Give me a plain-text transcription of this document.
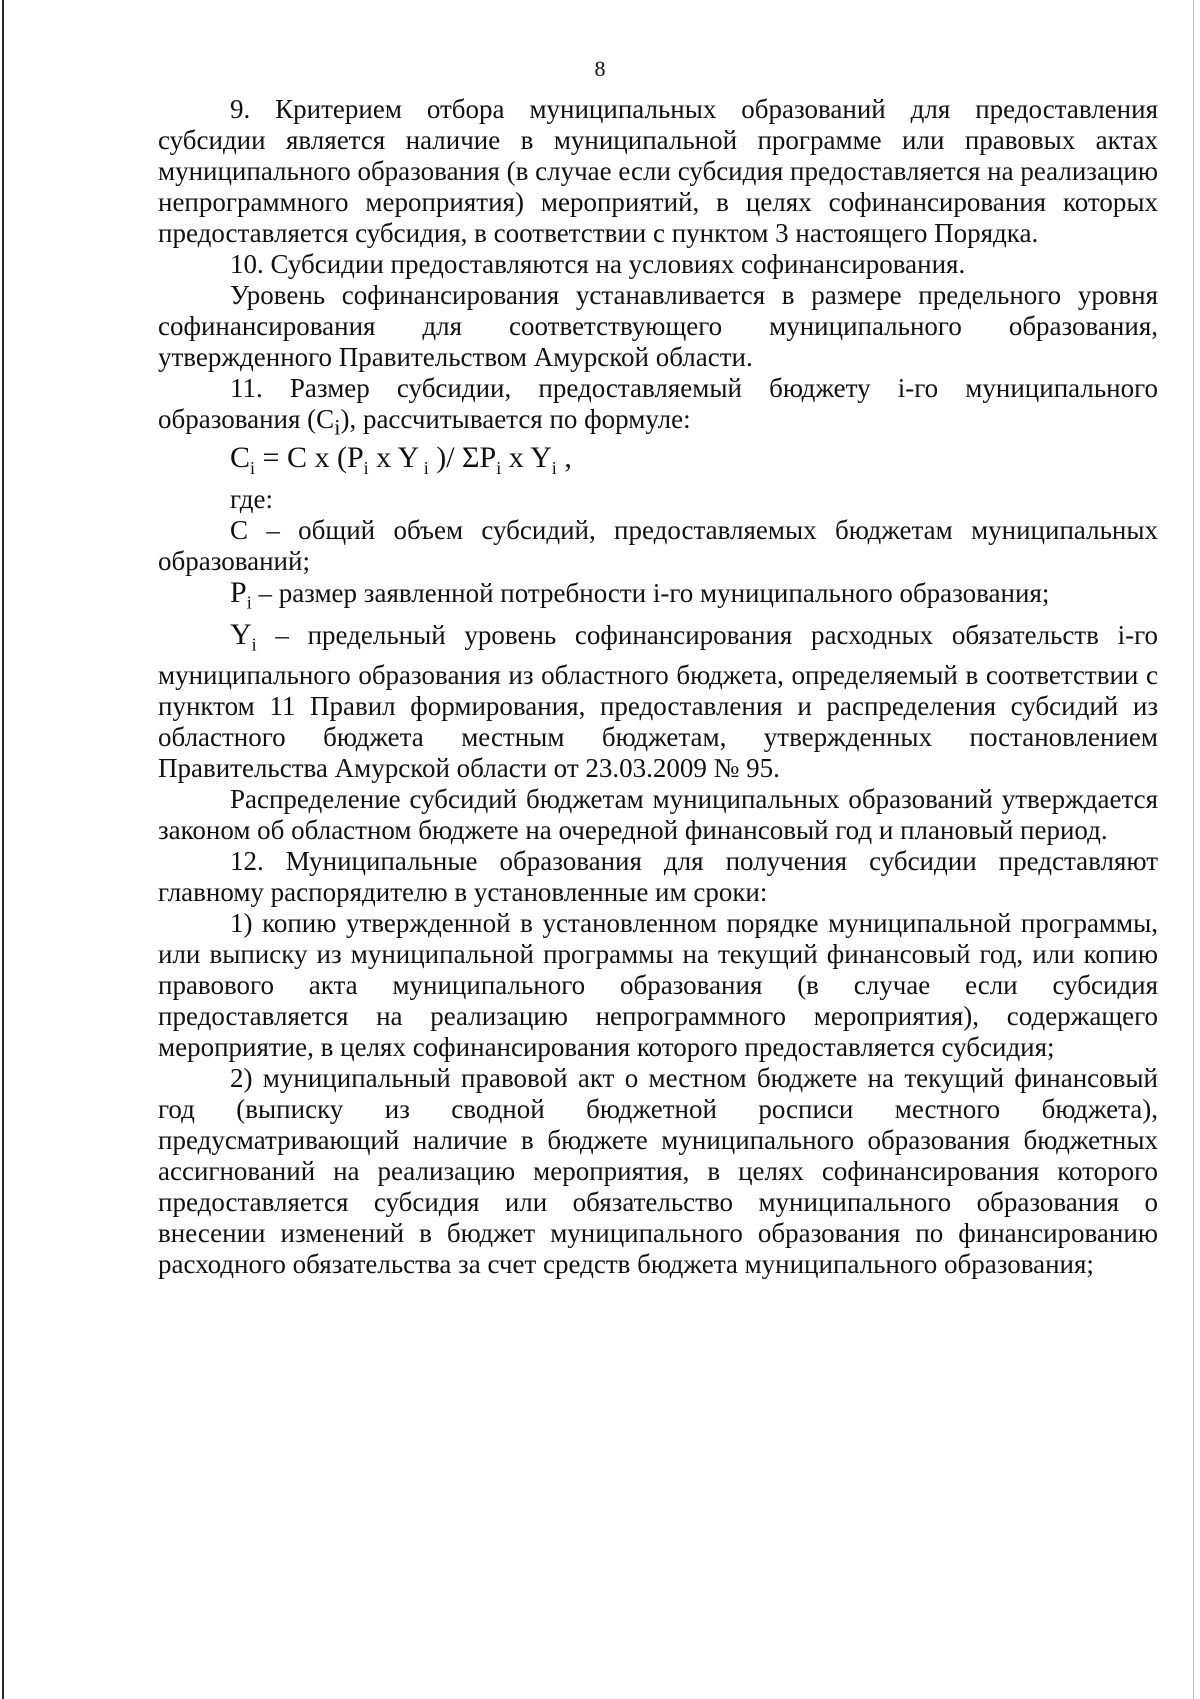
8

9. Критерием отбора муниципальных образований для предоставления субсидии является наличие в муниципальной программе или правовых актах муниципального образования (в случае если субсидия предоставляется на реализацию непрограммного мероприятия) мероприятий, в целях софинансирования которых предоставляется субсидия, в соответствии с пунктом 3 настоящего Порядка.

10. Субсидии предоставляются на условиях софинансирования.

Уровень софинансирования устанавливается в размере предельного уровня софинансирования для соответствующего муниципального образования, утвержденного Правительством Амурской области.

11. Размер субсидии, предоставляемый бюджету i-го муниципального образования $(C_i)$, рассчитывается по формуле:

$C_i = C$ x ($P_i$ x Y $_i$ )/ $\Sigma P_i$ x $Y_i$ ,

где:

C – общий объем субсидий, предоставляемых бюджетам муниципальных образований;

$P_i$ – размер заявленной потребности i-го муниципального образования;

$Y_i$ – предельный уровень софинансирования расходных обязательств i-го муниципального образования из областного бюджета, определяемый в соответствии с пунктом 11 Правил формирования, предоставления и распределения субсидий из областного бюджета местным бюджетам, утвержденных постановлением Правительства Амурской области от 23.03.2009 № 95.

Распределение субсидий бюджетам муниципальных образований утверждается законом об областном бюджете на очередной финансовый год и плановый период.

12. Муниципальные образования для получения субсидии представляют главному распорядителю в установленные им сроки:

1) копию утвержденной в установленном порядке муниципальной программы, или выписку из муниципальной программы на текущий финансовый год, или копию правового акта муниципального образования (в случае если субсидия предоставляется на реализацию непрограммного мероприятия), содержащего мероприятие, в целях софинансирования которого предоставляется субсидия;

2) муниципальный правовой акт о местном бюджете на текущий финансовый год (выписку из сводной бюджетной росписи местного бюджета), предусматривающий наличие в бюджете муниципального образования бюджетных ассигнований на реализацию мероприятия, в целях софинансирования которого предоставляется субсидия или обязательство муниципального образования о внесении изменений в бюджет муниципального образования по финансированию расходного обязательства за счет средств бюджета муниципального образования;
